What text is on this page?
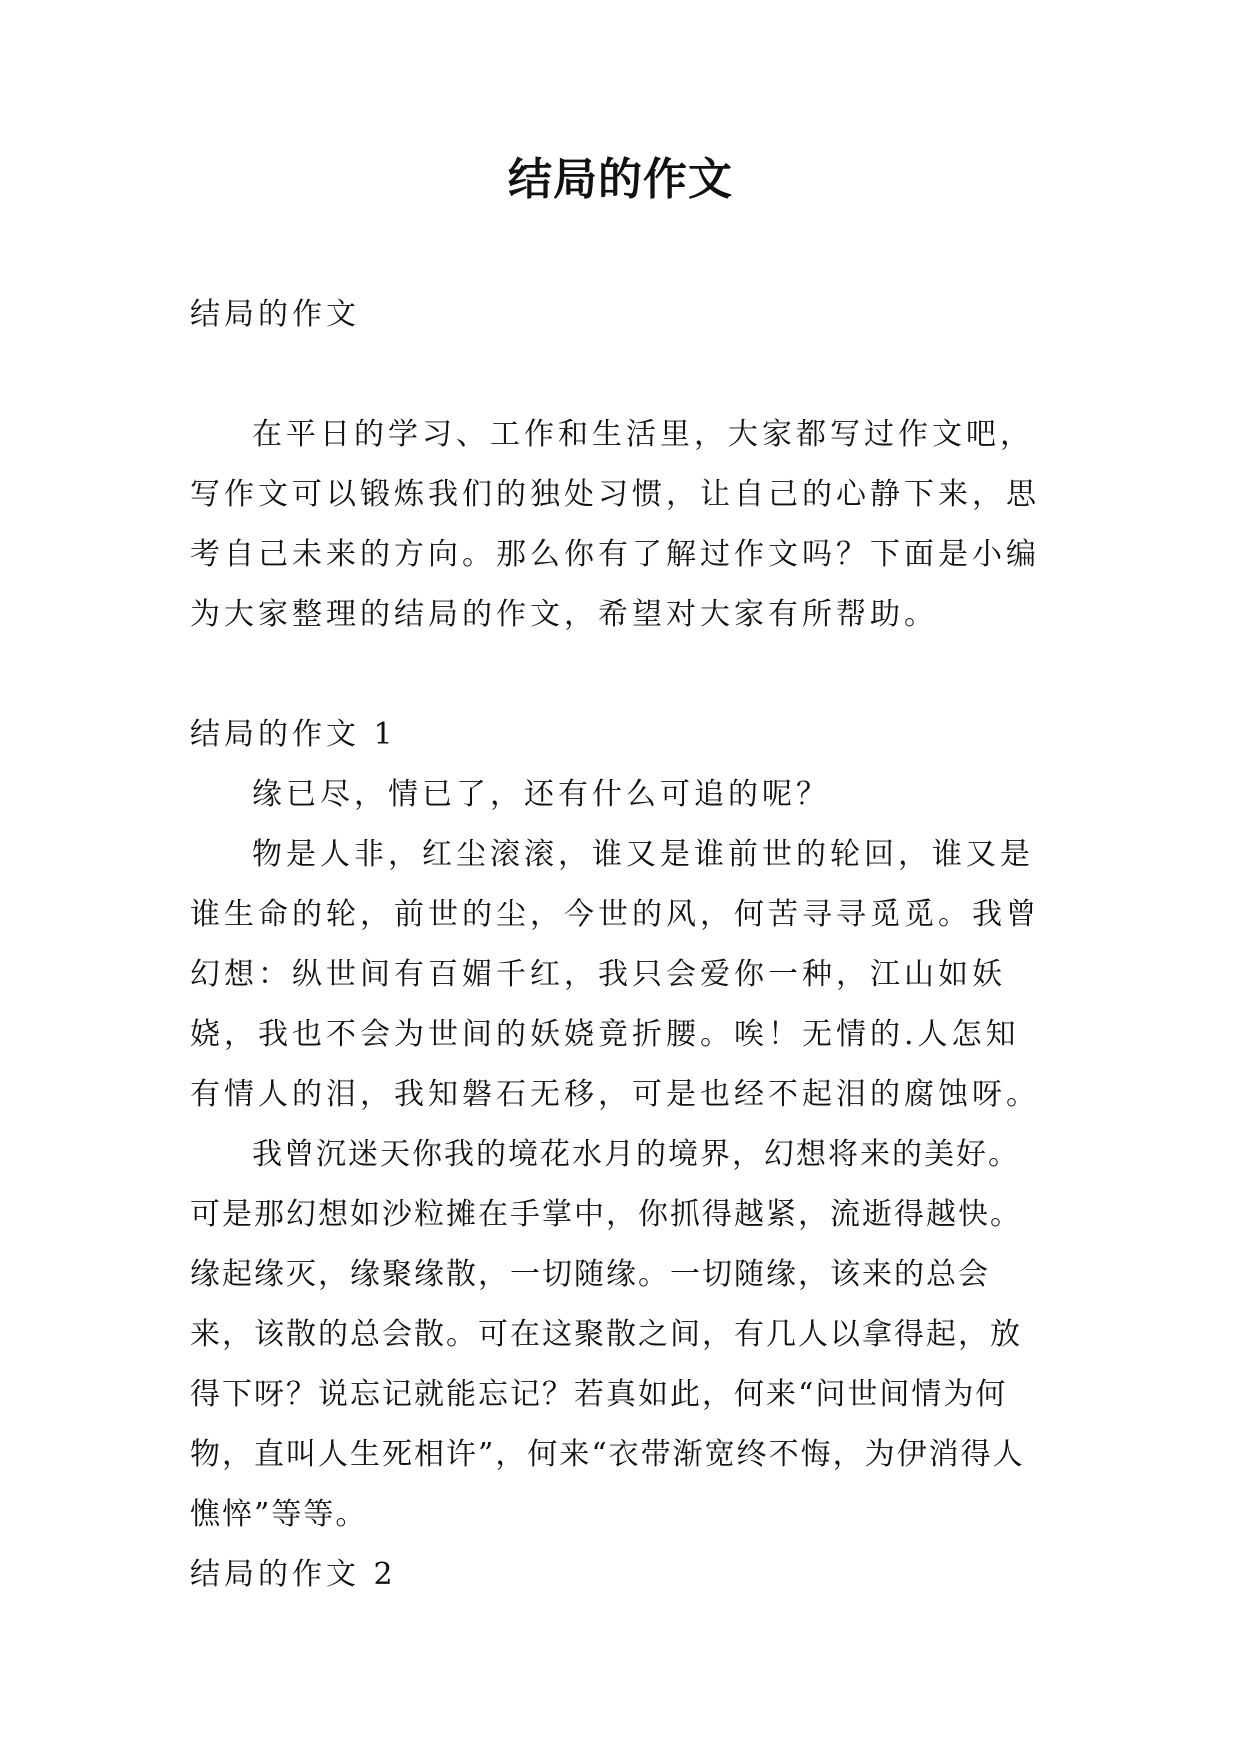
结局的作文

结局的作文

在平日的学习、工作和生活里，大家都写过作文吧，写作文可以锻炼我们的独处习惯，让自己的心静下来，思考自己未来的方向。那么你有了解过作文吗？下面是小编为大家整理的结局的作文，希望对大家有所帮助。

结局的作文 1

缘已尽，情已了，还有什么可追的呢？

物是人非，红尘滚滚，谁又是谁前世的轮回，谁又是谁生命的轮，前世的尘，今世的风，何苦寻寻觅觅。我曾幻想：纵世间有百媚千红，我只会爱你一种，江山如妖娆，我也不会为世间的妖娆竟折腰。唉！无情的.人怎知有情人的泪，我知磐石无移，可是也经不起泪的腐蚀呀。

我曾沉迷天你我的境花水月的境界，幻想将来的美好。可是那幻想如沙粒摊在手掌中，你抓得越紧，流逝得越快。缘起缘灭，缘聚缘散，一切随缘。一切随缘，该来的总会来，该散的总会散。可在这聚散之间，有几人以拿得起，放得下呀？说忘记就能忘记？若真如此，何来“问世间情为何物，直叫人生死相许”，何来“衣带渐宽终不悔，为伊消得人憔悴”等等。

结局的作文 2
